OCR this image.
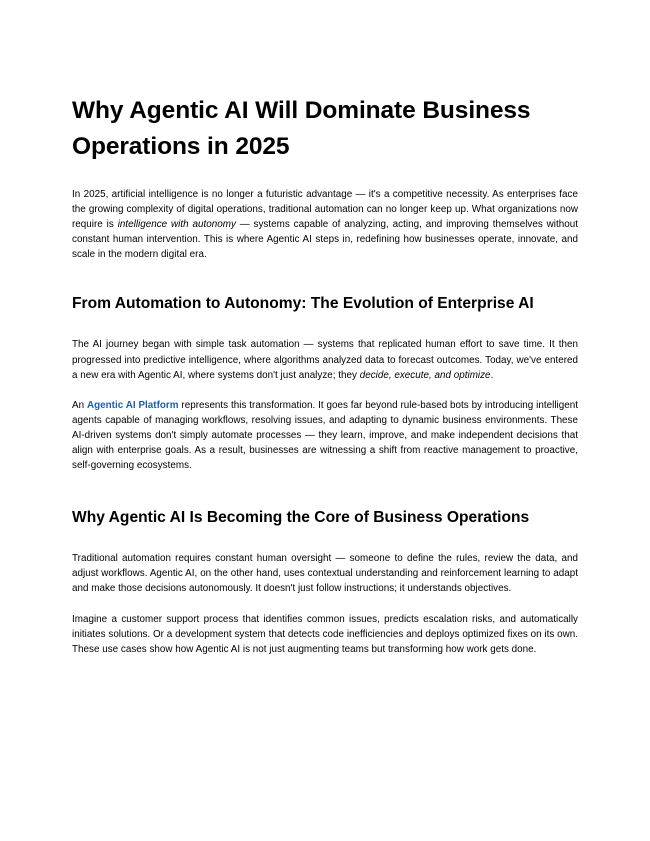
Why Agentic AI Will Dominate Business Operations in 2025

In 2025, artificial intelligence is no longer a futuristic advantage — it's a competitive necessity. As enterprises face the growing complexity of digital operations, traditional automation can no longer keep up. What organizations now require is intelligence with autonomy — systems capable of analyzing, acting, and improving themselves without constant human intervention. This is where Agentic AI steps in, redefining how businesses operate, innovate, and scale in the modern digital era.

From Automation to Autonomy: The Evolution of Enterprise AI

The AI journey began with simple task automation — systems that replicated human effort to save time. It then progressed into predictive intelligence, where algorithms analyzed data to forecast outcomes. Today, we've entered a new era with Agentic AI, where systems don't just analyze; they decide, execute, and optimize.

An Agentic AI Platform represents this transformation. It goes far beyond rule-based bots by introducing intelligent agents capable of managing workflows, resolving issues, and adapting to dynamic business environments. These AI-driven systems don't simply automate processes — they learn, improve, and make independent decisions that align with enterprise goals. As a result, businesses are witnessing a shift from reactive management to proactive, self-governing ecosystems.

Why Agentic AI Is Becoming the Core of Business Operations

Traditional automation requires constant human oversight — someone to define the rules, review the data, and adjust workflows. Agentic AI, on the other hand, uses contextual understanding and reinforcement learning to adapt and make those decisions autonomously. It doesn't just follow instructions; it understands objectives.

Imagine a customer support process that identifies common issues, predicts escalation risks, and automatically initiates solutions. Or a development system that detects code inefficiencies and deploys optimized fixes on its own. These use cases show how Agentic AI is not just augmenting teams but transforming how work gets done.
